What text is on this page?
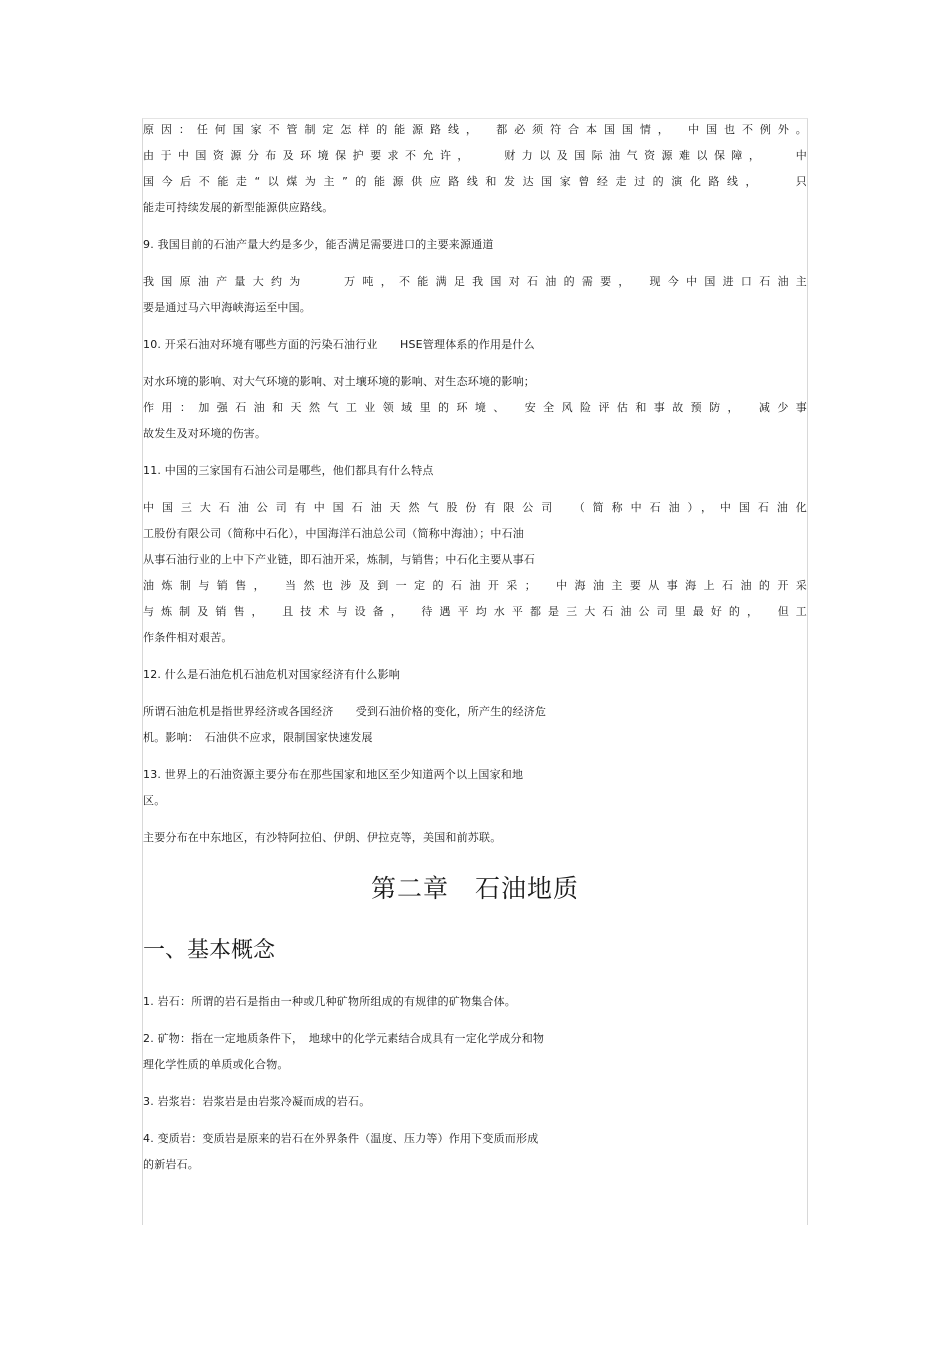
原因：任何国家不管制定怎样的能源路线，　都必须符合本国国情，　中国也不例外。
由于中国资源分布及环境保护要求不允许，　　财力以及国际油气资源难以保障，　　中
国今后不能走“以煤为主”的能源供应路线和发达国家曾经走过的演化路线，　　只
能走可持续发展的新型能源供应路线。

9. 我国目前的石油产量大约是多少，能否满足需要进口的主要来源通道

我国原油产量大约为　　万吨，不能满足我国对石油的需要，　现今中国进口石油主
要是通过马六甲海峡海运至中国。

10. 开采石油对环境有哪些方面的污染石油行业　　HSE管理体系的作用是什么

对水环境的影响、对大气环境的影响、对土壤环境的影响、对生态环境的影响；
作用：加强石油和天然气工业领域里的环境、　安全风险评估和事故预防，　减少事
故发生及对环境的伤害。

11. 中国的三家国有石油公司是哪些，他们都具有什么特点

中国三大石油公司有中国石油天然气股份有限公司　（简称中石油），中国石油化
工股份有限公司（简称中石化），中国海洋石油总公司（简称中海油）；中石油
从事石油行业的上中下产业链，即石油开采，炼制，与销售；中石化主要从事石
油炼制与销售，　当然也涉及到一定的石油开采；　中海油主要从事海上石油的开采
与炼制及销售，　且技术与设备，　待遇平均水平都是三大石油公司里最好的，　但工
作条件相对艰苦。

12. 什么是石油危机石油危机对国家经济有什么影响

所谓石油危机是指世界经济或各国经济　　受到石油价格的变化，所产生的经济危
机。影响：　石油供不应求，限制国家快速发展

13. 世界上的石油资源主要分布在那些国家和地区至少知道两个以上国家和地
区。

主要分布在中东地区，有沙特阿拉伯、伊朗、伊拉克等，美国和前苏联。

第二章　石油地质
一、基本概念

1. 岩石：所谓的岩石是指由一种或几种矿物所组成的有规律的矿物集合体。

2. 矿物：指在一定地质条件下，　地球中的化学元素结合成具有一定化学成分和物
理化学性质的单质或化合物。

3. 岩浆岩：岩浆岩是由岩浆冷凝而成的岩石。

4. 变质岩：变质岩是原来的岩石在外界条件（温度、压力等）作用下变质而形成
的新岩石。
